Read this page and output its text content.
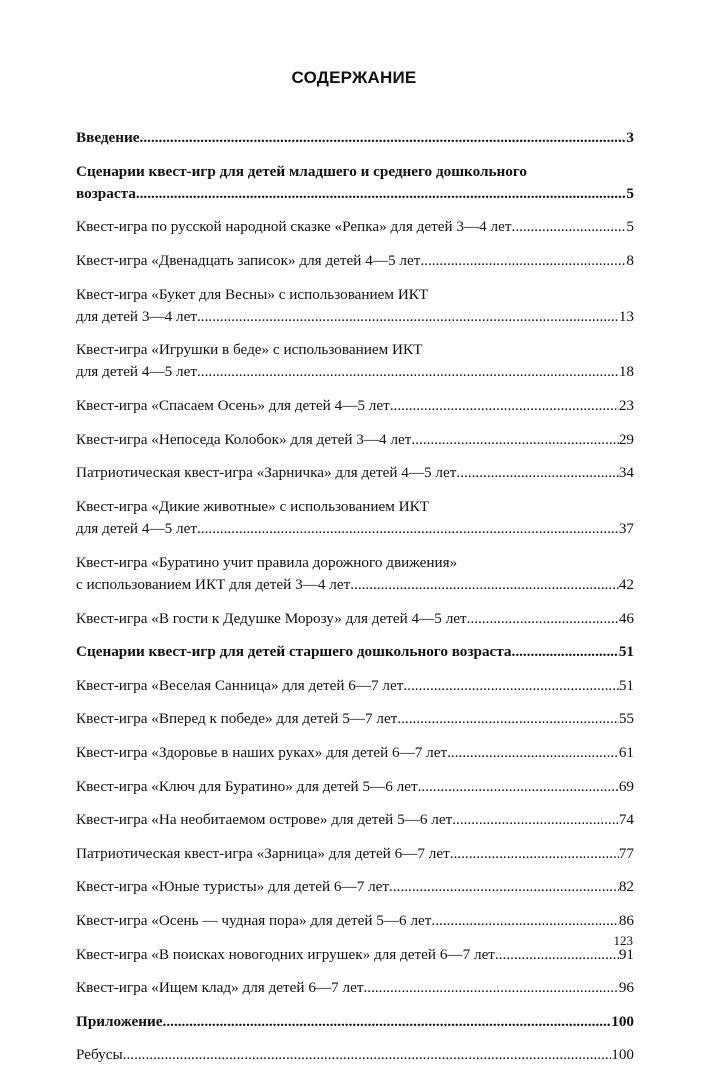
СОДЕРЖАНИЕ
Введение .....	3
Сценарии квест-игр для детей младшего и среднего дошкольного
возраста .....	5
Квест-игра по русской народной сказке «Репка» для детей 3—4 лет .....	5
Квест-игра «Двенадцать записок» для детей 4—5 лет .....	8
Квест-игра «Букет для Весны» с использованием ИКТ
для детей 3—4 лет .....	13
Квест-игра «Игрушки в беде» с использованием ИКТ
для детей 4—5 лет .....	18
Квест-игра «Спасаем Осень» для детей 4—5 лет .....	23
Квест-игра «Непоседа Колобок» для детей 3—4 лет .....	29
Патриотическая квест-игра «Зарничка» для детей 4—5 лет .....	34
Квест-игра «Дикие животные» с использованием ИКТ
для детей 4—5 лет .....	37
Квест-игра «Буратино учит правила дорожного движения»
с использованием ИКТ для детей 3—4 лет .....	42
Квест-игра «В гости к Дедушке Морозу» для детей 4—5 лет .....	46
Сценарии квест-игр для детей старшего дошкольного возраста .....	51
Квест-игра «Веселая Санница» для детей 6—7 лет .....	51
Квест-игра «Вперед к победе» для детей 5—7 лет .....	55
Квест-игра «Здоровье в наших руках» для детей 6—7 лет .....	61
Квест-игра «Ключ для Буратино» для детей 5—6 лет .....	69
Квест-игра «На необитаемом острове» для детей 5—6 лет .....	74
Патриотическая квест-игра «Зарница» для детей 6—7 лет .....	77
Квест-игра «Юные туристы» для детей 6—7 лет .....	82
Квест-игра «Осень — чудная пора» для детей 5—6 лет .....	86
Квест-игра «В поисках новогодних игрушек» для детей 6—7 лет .....	91
Квест-игра «Ищем клад» для детей 6—7 лет .....	96
Приложение .....	100
Ребусы .....	100
123
